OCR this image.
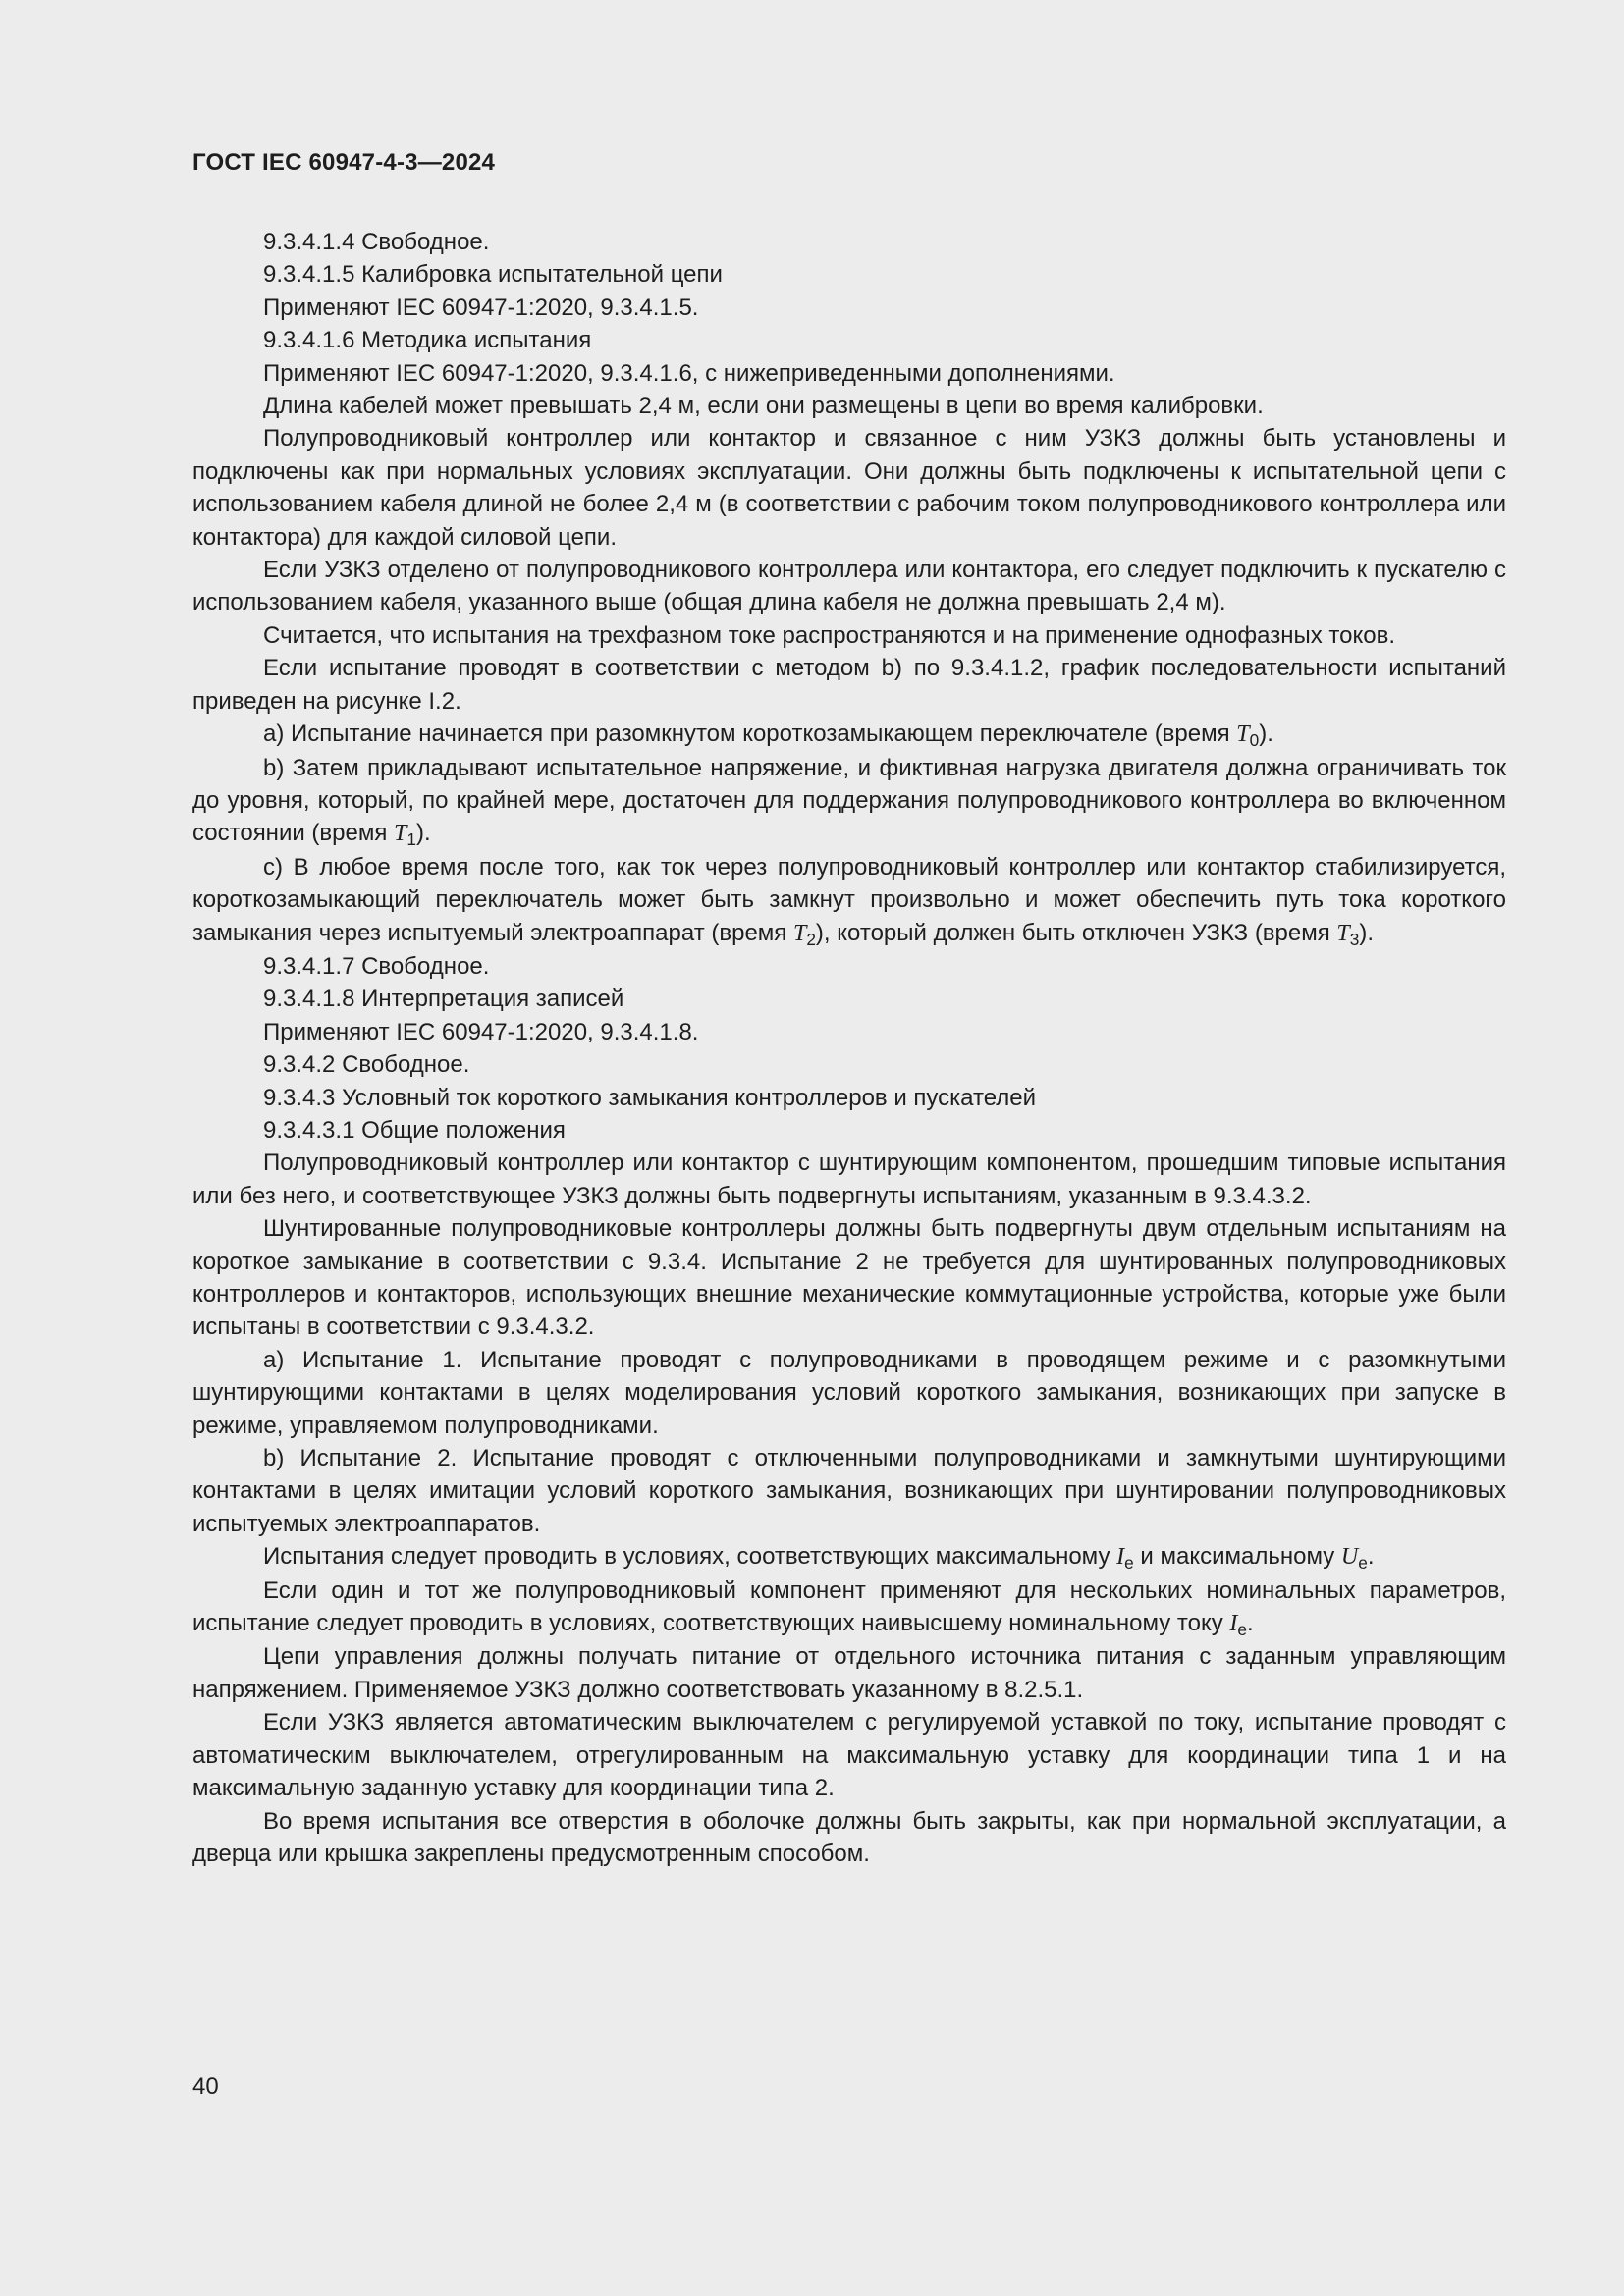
ГОСТ IEC 60947-4-3—2024

9.3.4.1.4 Свободное.

9.3.4.1.5 Калибровка испытательной цепи

Применяют IEC 60947-1:2020, 9.3.4.1.5.

9.3.4.1.6 Методика испытания

Применяют IEC 60947-1:2020, 9.3.4.1.6, с нижеприведенными дополнениями.

Длина кабелей может превышать 2,4 м, если они размещены в цепи во время калибровки.

Полупроводниковый контроллер или контактор и связанное с ним УЗКЗ должны быть установлены и подключены как при нормальных условиях эксплуатации. Они должны быть подключены к испытательной цепи с использованием кабеля длиной не более 2,4 м (в соответствии с рабочим током полупроводникового контроллера или контактора) для каждой силовой цепи.

Если УЗКЗ отделено от полупроводникового контроллера или контактора, его следует подключить к пускателю с использованием кабеля, указанного выше (общая длина кабеля не должна превышать 2,4 м).

Считается, что испытания на трехфазном токе распространяются и на применение однофазных токов.

Если испытание проводят в соответствии с методом b) по 9.3.4.1.2, график последовательности испытаний приведен на рисунке I.2.

a) Испытание начинается при разомкнутом короткозамыкающем переключателе (время $T_0$).

b) Затем прикладывают испытательное напряжение, и фиктивная нагрузка двигателя должна ограничивать ток до уровня, который, по крайней мере, достаточен для поддержания полупроводникового контроллера во включенном состоянии (время $T_1$).

c) В любое время после того, как ток через полупроводниковый контроллер или контактор стабилизируется, короткозамыкающий переключатель может быть замкнут произвольно и может обеспечить путь тока короткого замыкания через испытуемый электроаппарат (время $T_2$), который должен быть отключен УЗКЗ (время $T_3$).

9.3.4.1.7 Свободное.

9.3.4.1.8 Интерпретация записей

Применяют IEC 60947-1:2020, 9.3.4.1.8.

9.3.4.2 Свободное.

9.3.4.3 Условный ток короткого замыкания контроллеров и пускателей

9.3.4.3.1 Общие положения

Полупроводниковый контроллер или контактор с шунтирующим компонентом, прошедшим типовые испытания или без него, и соответствующее УЗКЗ должны быть подвергнуты испытаниям, указанным в 9.3.4.3.2.

Шунтированные полупроводниковые контроллеры должны быть подвергнуты двум отдельным испытаниям на короткое замыкание в соответствии с 9.3.4. Испытание 2 не требуется для шунтированных полупроводниковых контроллеров и контакторов, использующих внешние механические коммутационные устройства, которые уже были испытаны в соответствии с 9.3.4.3.2.

a) Испытание 1. Испытание проводят с полупроводниками в проводящем режиме и с разомкнутыми шунтирующими контактами в целях моделирования условий короткого замыкания, возникающих при запуске в режиме, управляемом полупроводниками.

b) Испытание 2. Испытание проводят с отключенными полупроводниками и замкнутыми шунтирующими контактами в целях имитации условий короткого замыкания, возникающих при шунтировании полупроводниковых испытуемых электроаппаратов.

Испытания следует проводить в условиях, соответствующих максимальному $I_e$ и максимальному $U_e$.

Если один и тот же полупроводниковый компонент применяют для нескольких номинальных параметров, испытание следует проводить в условиях, соответствующих наивысшему номинальному току $I_e$.

Цепи управления должны получать питание от отдельного источника питания с заданным управляющим напряжением. Применяемое УЗКЗ должно соответствовать указанному в 8.2.5.1.

Если УЗКЗ является автоматическим выключателем с регулируемой уставкой по току, испытание проводят с автоматическим выключателем, отрегулированным на максимальную уставку для координации типа 1 и на максимальную заданную уставку для координации типа 2.

Во время испытания все отверстия в оболочке должны быть закрыты, как при нормальной эксплуатации, а дверца или крышка закреплены предусмотренным способом.

40
